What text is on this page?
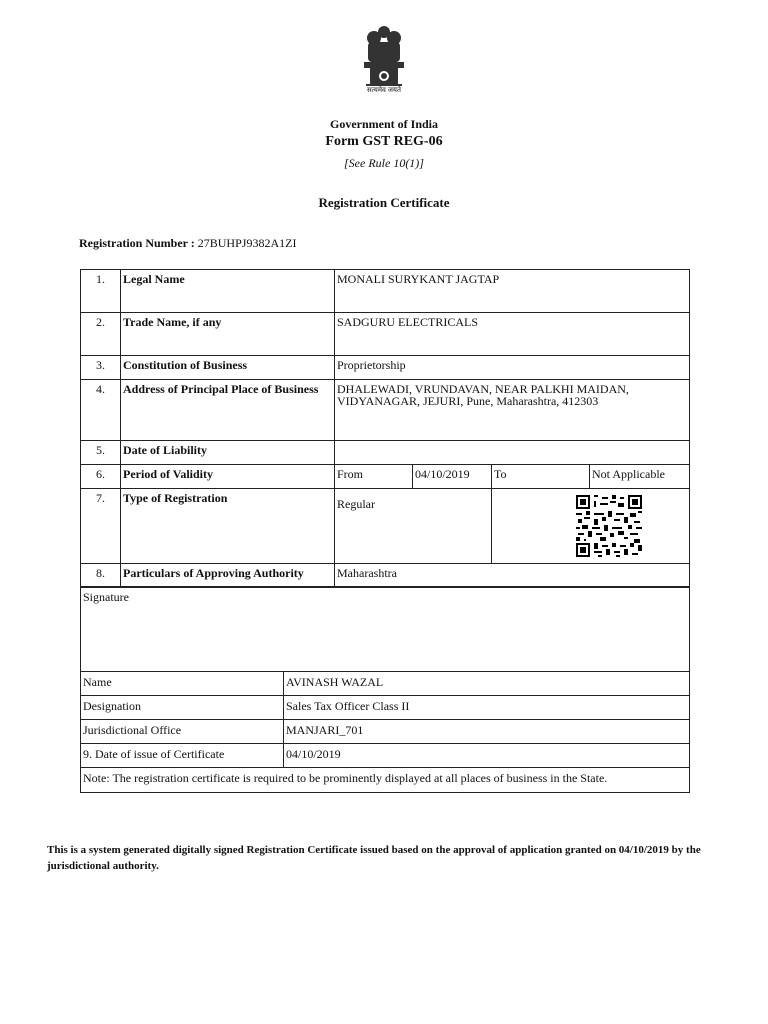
सत्यमेव जयते
Government of India
Form GST REG-06
[See Rule 10(1)]
Registration Certificate
Registration Number : 27BUHPJ9382A1ZI
1.	Legal Name	MONALI SURYKANT JAGTAP			
2.	Trade Name, if any	SADGURU ELECTRICALS			
3.	Constitution of Business	Proprietorship			
4.	Address of Principal Place of Business	DHALEWADI, VRUNDAVAN, NEAR PALKHI MAIDAN, VIDYANAGAR, JEJURI, Pune, Maharashtra, 412303			
5.	Date of Liability				
6.	Period of Validity	From	04/10/2019	To	Not Applicable
7.	Type of Registration	Regular

8.	Particulars of Approving Authority	Maharashtra			
Signature	
Name	AVINASH WAZAL
Designation	Sales Tax Officer Class II
Jurisdictional Office	MANJARI_701
9. Date of issue of Certificate	04/10/2019
Note: The registration certificate is required to be prominently displayed at all places of business in the State.	
This is a system generated digitally signed Registration Certificate issued based on the approval of application granted on 04/10/2019 by the jurisdictional authority.
